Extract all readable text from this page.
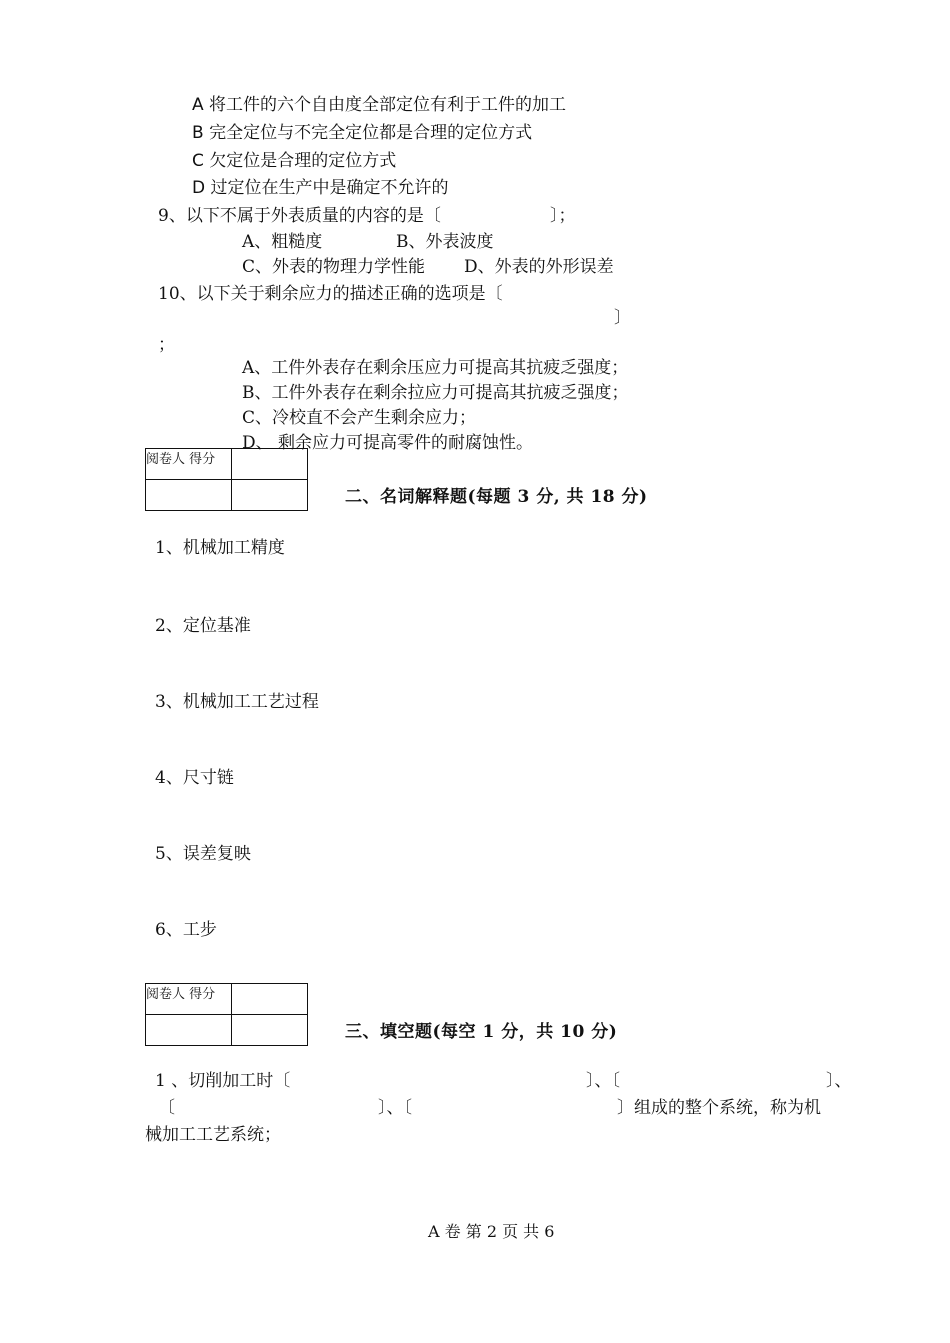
A 将工件的六个自由度全部定位有利于工件的加工
B 完全定位与不完全定位都是合理的定位方式
C 欠定位是合理的定位方式
D 过定位在生产中是确定不允许的
9、以下不属于外表质量的内容的是〔	〕；
A、粗糙度	B、外表波度
C、外表的物理力学性能 D、外表的外形误差
10、以下关于剩余应力的描述正确的选项是〔
〕
；
A、工件外表存在剩余压应力可提高其抗疲乏强度；
B、工件外表存在剩余拉应力可提高其抗疲乏强度；
C、冷校直不会产生剩余应力；
D、 剩余应力可提高零件的耐腐蚀性。
阅卷人 得分	

二、名词解释题(每题 3 分, 共 18 分)
1、机械加工精度
2、定位基准
3、机械加工工艺过程
4、尺寸链
5、误差复映
6、工步
阅卷人 得分	

三、填空题(每空 1 分，共 10 分)
1 、切削加工时〔	〕、〔	〕、
〔	〕、〔	〕组成的整个系统，称为机
械加工工艺系统；
A 卷 第 2 页 共 6
